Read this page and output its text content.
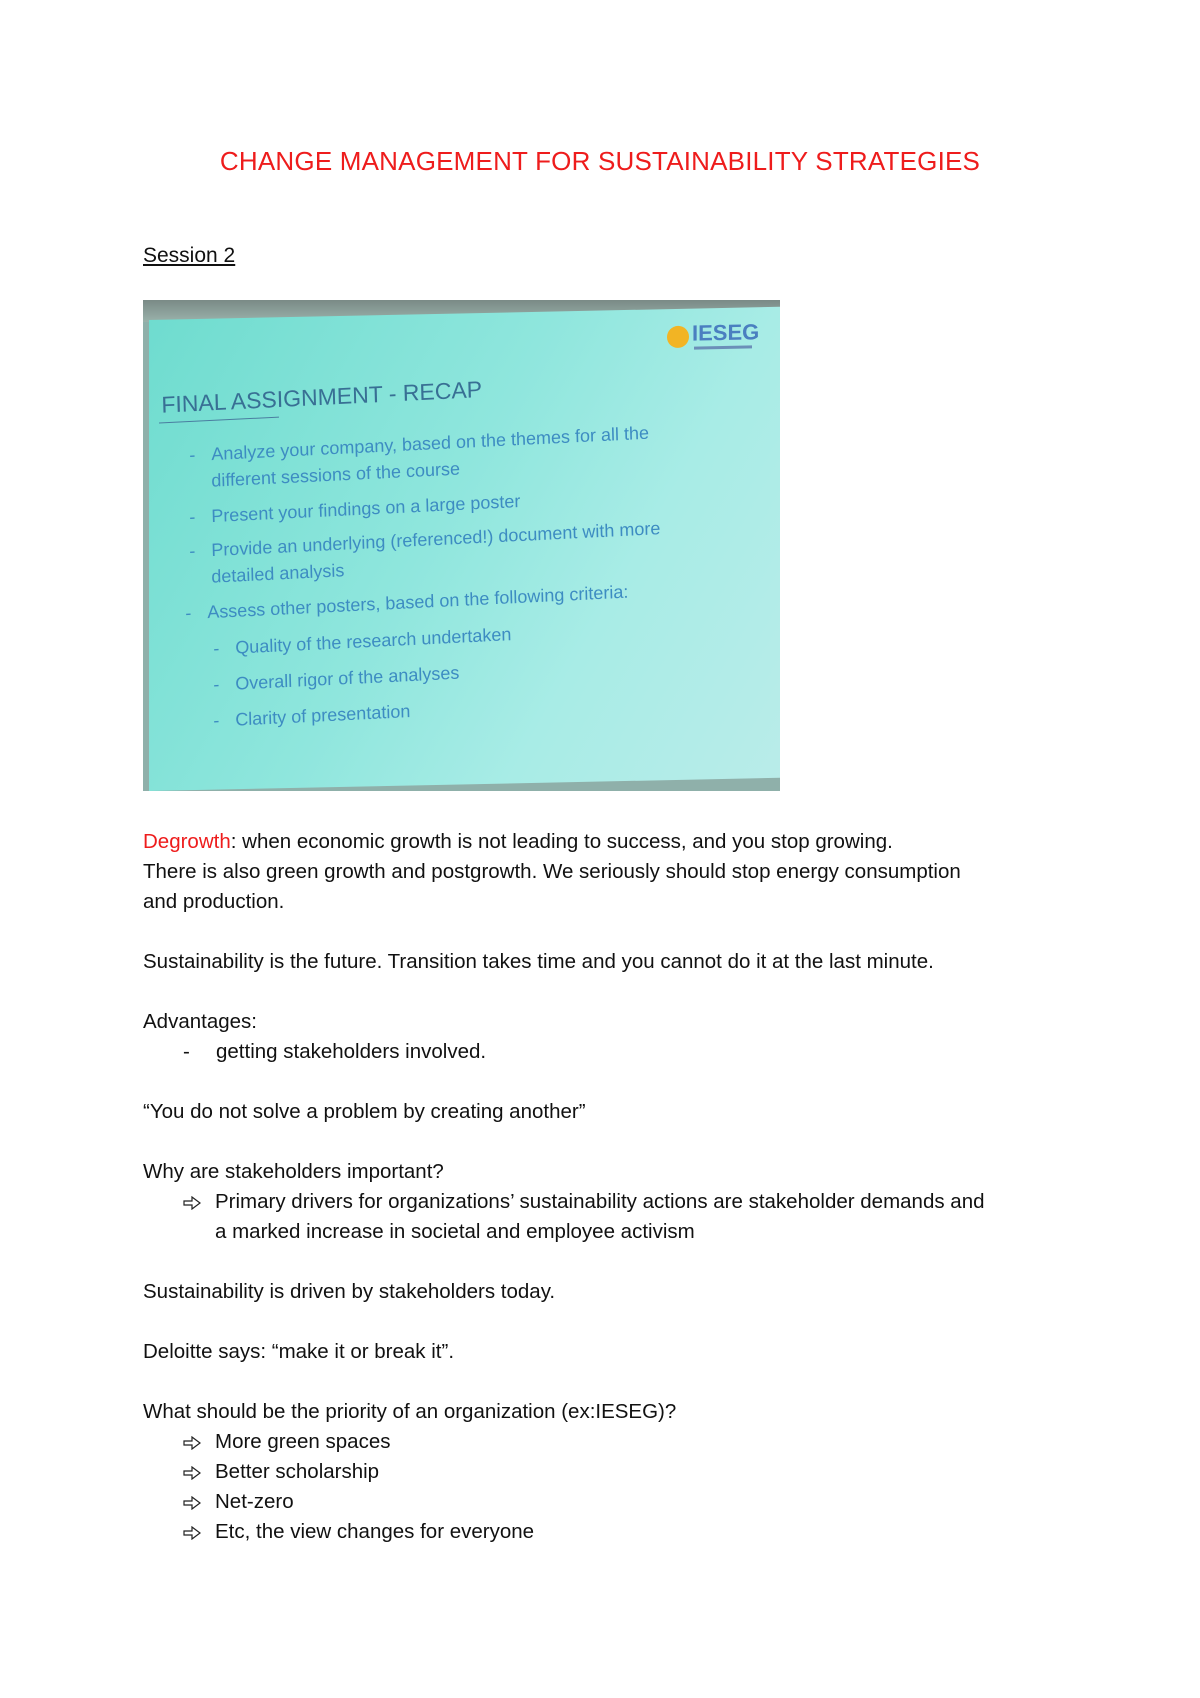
CHANGE MANAGEMENT FOR SUSTAINABILITY STRATEGIES
Session 2
IESEG
FINAL ASSIGNMENT - RECAP
- Analyze your company, based on the themes for all the
different sessions of the course
- Present your findings on a large poster
- Provide an underlying (referenced!) document with more
detailed analysis
- Assess other posters, based on the following criteria:
- Quality of the research undertaken
- Overall rigor of the analyses
- Clarity of presentation
Degrowth: when economic growth is not leading to success, and you stop growing.
There is also green growth and postgrowth. We seriously should stop energy consumption
and production.
Sustainability is the future. Transition takes time and you cannot do it at the last minute.
Advantages:
-	getting stakeholders involved.
“You do not solve a problem by creating another”
Why are stakeholders important?
Primary drivers for organizations’ sustainability actions are stakeholder demands and
a marked increase in societal and employee activism
Sustainability is driven by stakeholders today.
Deloitte says: “make it or break it”.
What should be the priority of an organization (ex:IESEG)?
More green spaces
Better scholarship
Net-zero
Etc, the view changes for everyone
